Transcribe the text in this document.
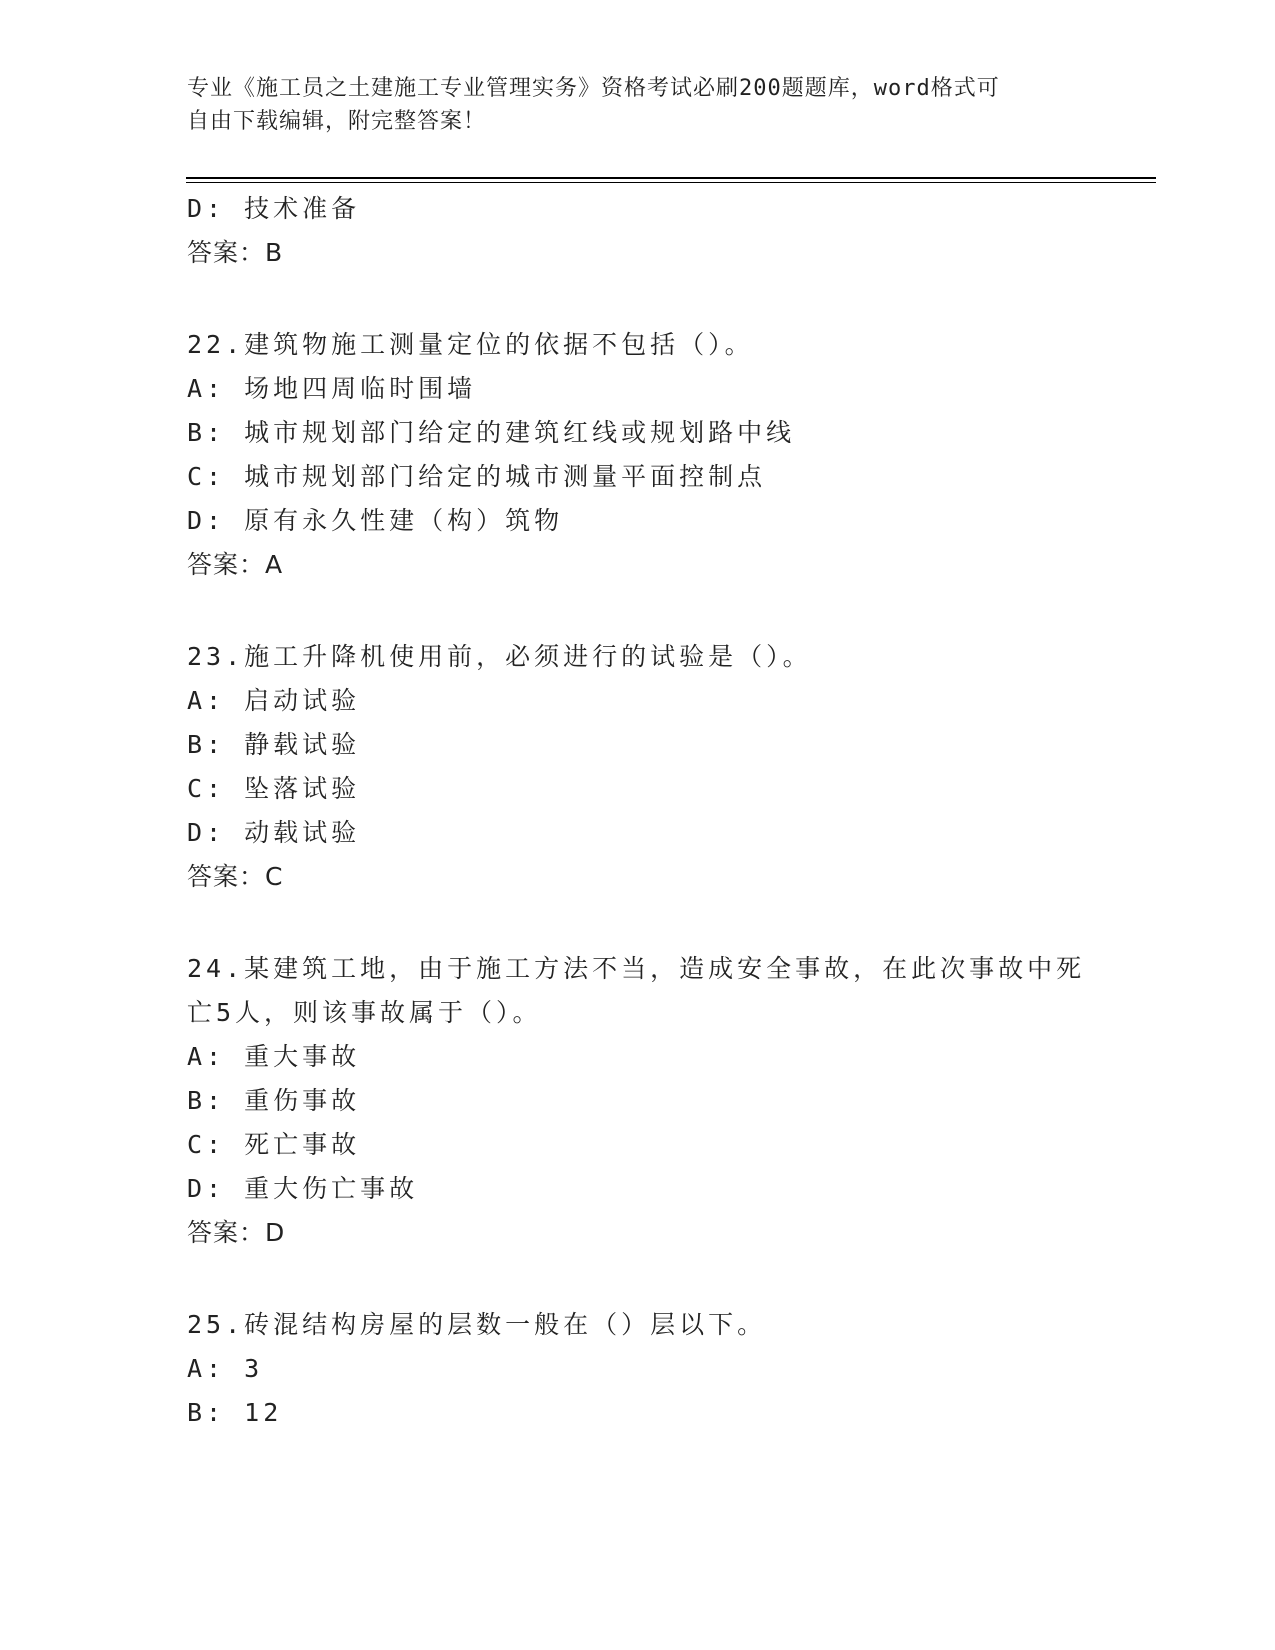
专业《施工员之土建施工专业管理实务》资格考试必刷200题题库，word格式可
自由下载编辑，附完整答案！
D: 技术准备
答案：B
22.建筑物施工测量定位的依据不包括（）。
A: 场地四周临时围墙
B: 城市规划部门给定的建筑红线或规划路中线
C: 城市规划部门给定的城市测量平面控制点
D: 原有永久性建（构）筑物
答案：A
23.施工升降机使用前，必须进行的试验是（）。
A: 启动试验
B: 静载试验
C: 坠落试验
D: 动载试验
答案：C
24.某建筑工地，由于施工方法不当，造成安全事故，在此次事故中死
亡5人，则该事故属于（）。
A: 重大事故
B: 重伤事故
C: 死亡事故
D: 重大伤亡事故
答案：D
25.砖混结构房屋的层数一般在（）层以下。
A: 3
B: 12
